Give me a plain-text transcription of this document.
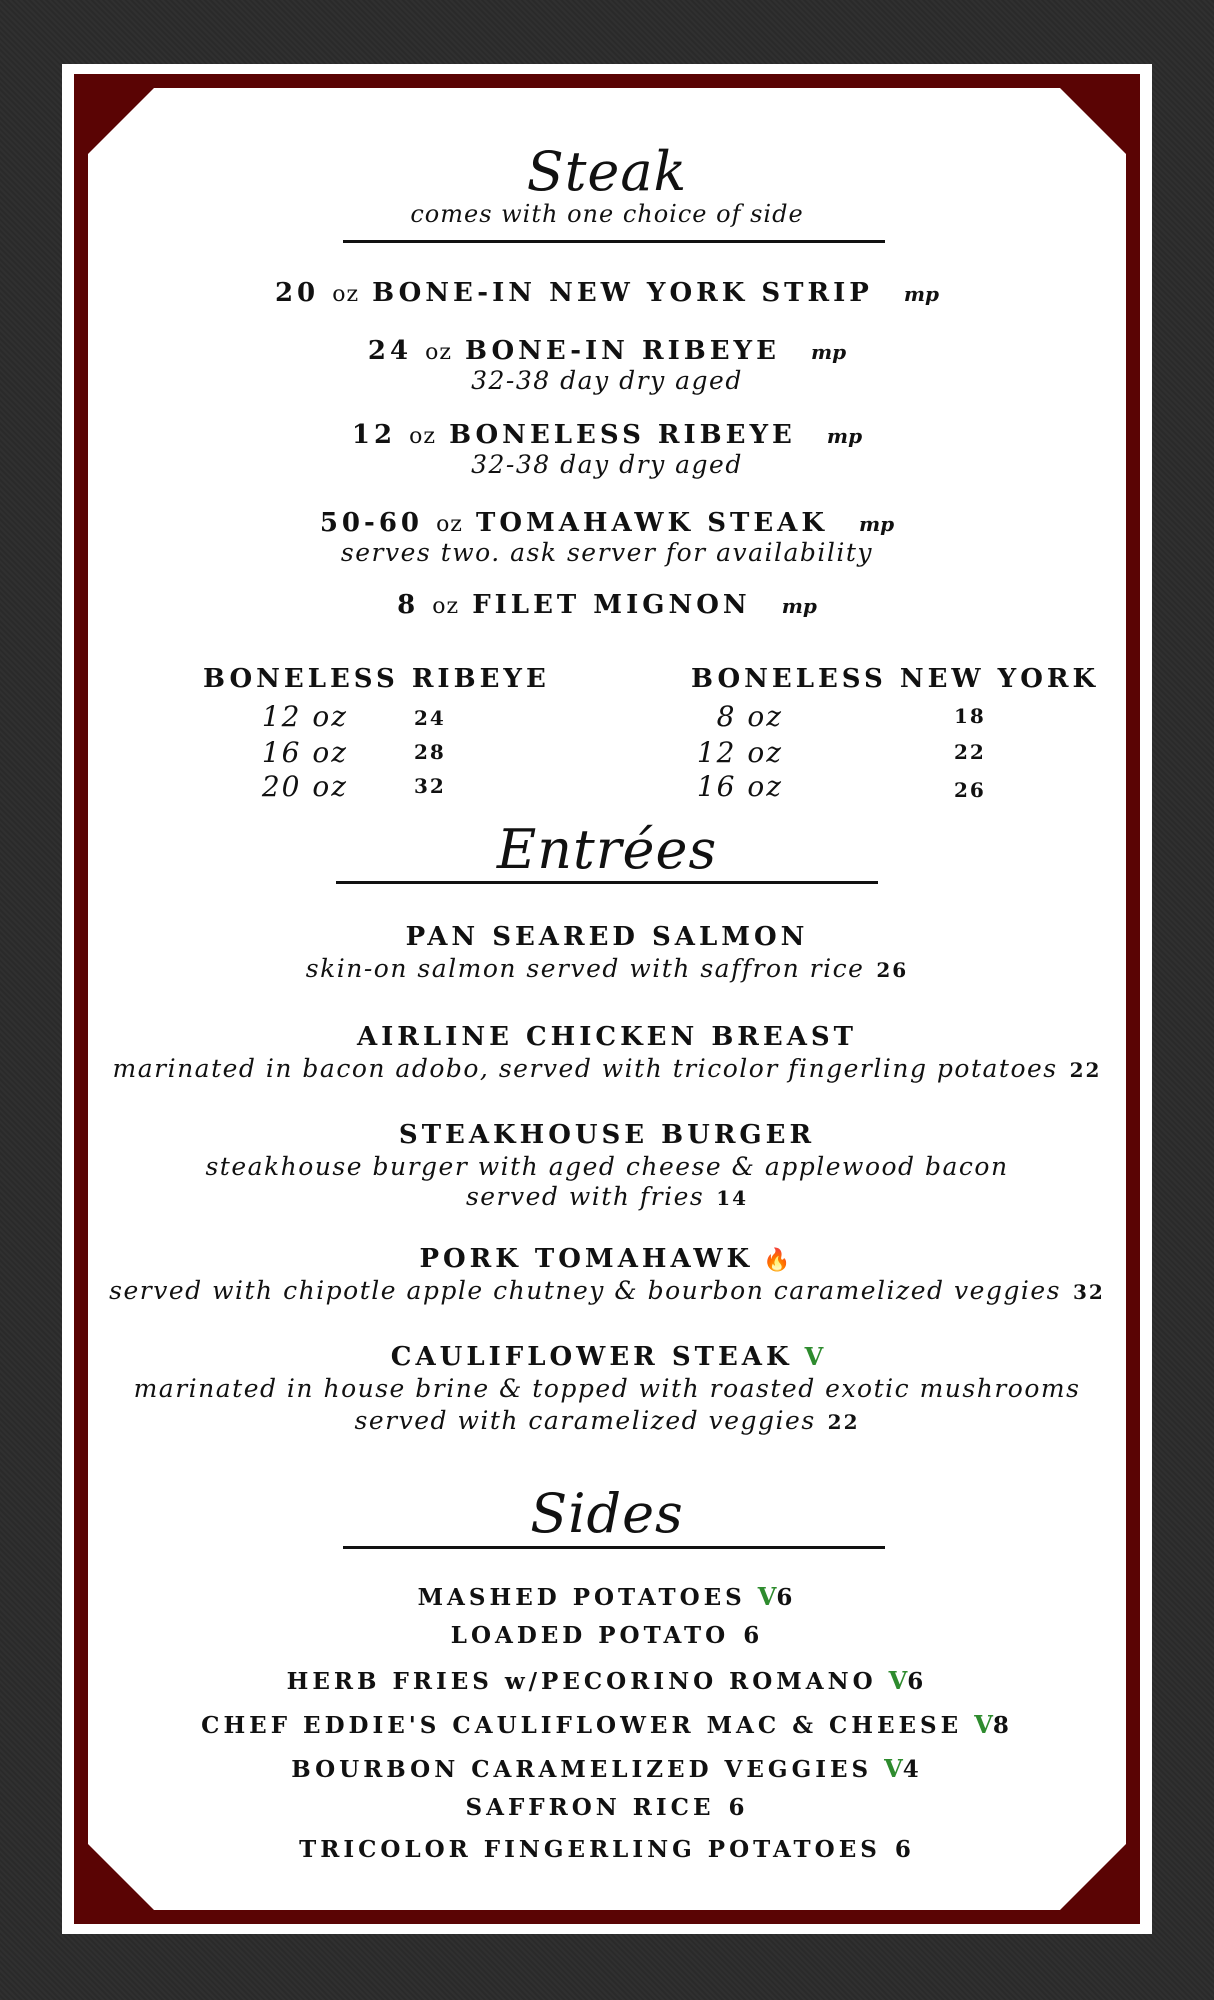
Steak
comes with one choice of side
20 oz BONE-IN NEW YORK STRIP mp
24 oz BONE-IN RIBEYE mp
32-38 day dry aged
12 oz BONELESS RIBEYE mp
32-38 day dry aged
50-60 oz TOMAHAWK STEAK mp
serves two. ask server for availability
8 oz FILET MIGNON mp
BONELESS RIBEYE
12 oz	24
16 oz	28
20 oz	32
BONELESS NEW YORK
8 oz	18
12 oz	22
16 oz	26
Entrées
PAN SEARED SALMON
skin-on salmon served with saffron rice 26
AIRLINE CHICKEN BREAST
marinated in bacon adobo, served with tricolor fingerling potatoes 22
STEAKHOUSE BURGER
steakhouse burger with aged cheese & applewood bacon
served with fries 14
PORK TOMAHAWK 🔥
served with chipotle apple chutney & bourbon caramelized veggies 32
CAULIFLOWER STEAK V
marinated in house brine & topped with roasted exotic mushrooms
served with caramelized veggies 22
Sides
MASHED POTATOES V6
LOADED POTATO 6
HERB FRIES w/PECORINO ROMANO V6
CHEF EDDIE'S CAULIFLOWER MAC & CHEESE V8
BOURBON CARAMELIZED VEGGIES V4
SAFFRON RICE 6
TRICOLOR FINGERLING POTATOES 6
